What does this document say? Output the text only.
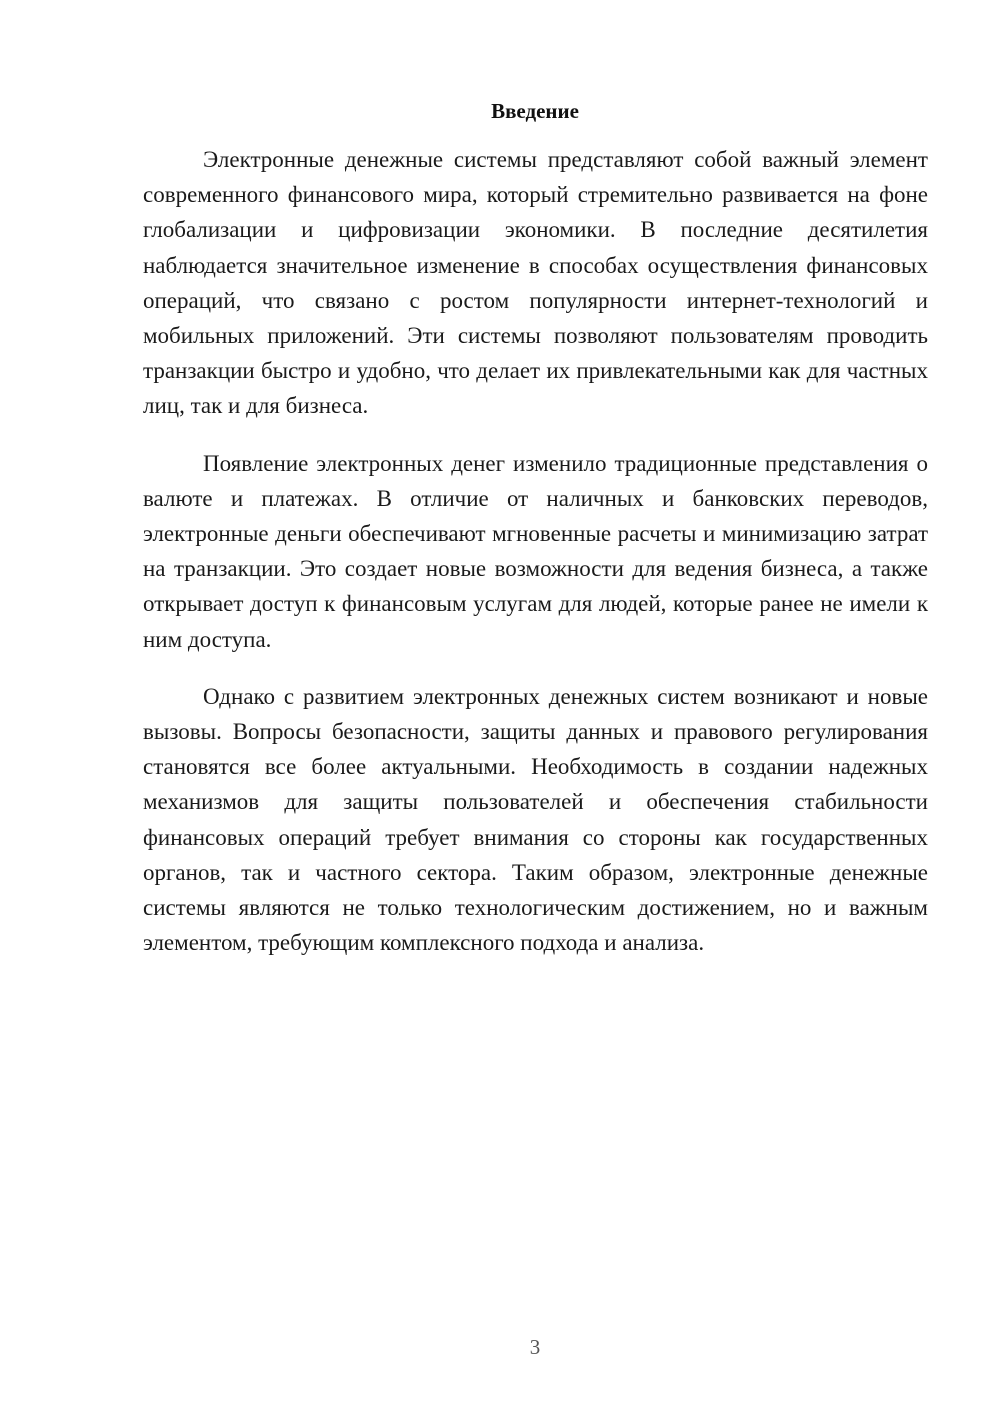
Введение

Электронные денежные системы представляют собой важный элемент современного финансового мира, который стремительно развивается на фоне глобализации и цифровизации экономики. В последние десятилетия наблюдается значительное изменение в способах осуществления финансовых операций, что связано с ростом популярности интернет-технологий и мобильных приложений. Эти системы позволяют пользователям проводить транзакции быстро и удобно, что делает их привлекательными как для частных лиц, так и для бизнеса.

Появление электронных денег изменило традиционные представления о валюте и платежах. В отличие от наличных и банковских переводов, электронные деньги обеспечивают мгновенные расчеты и минимизацию затрат на транзакции. Это создает новые возможности для ведения бизнеса, а также открывает доступ к финансовым услугам для людей, которые ранее не имели к ним доступа.

Однако с развитием электронных денежных систем возникают и новые вызовы. Вопросы безопасности, защиты данных и правового регулирования становятся все более актуальными. Необходимость в создании надежных механизмов для защиты пользователей и обеспечения стабильности финансовых операций требует внимания со стороны как государственных органов, так и частного сектора. Таким образом, электронные денежные системы являются не только технологическим достижением, но и важным элементом, требующим комплексного подхода и анализа.

3
